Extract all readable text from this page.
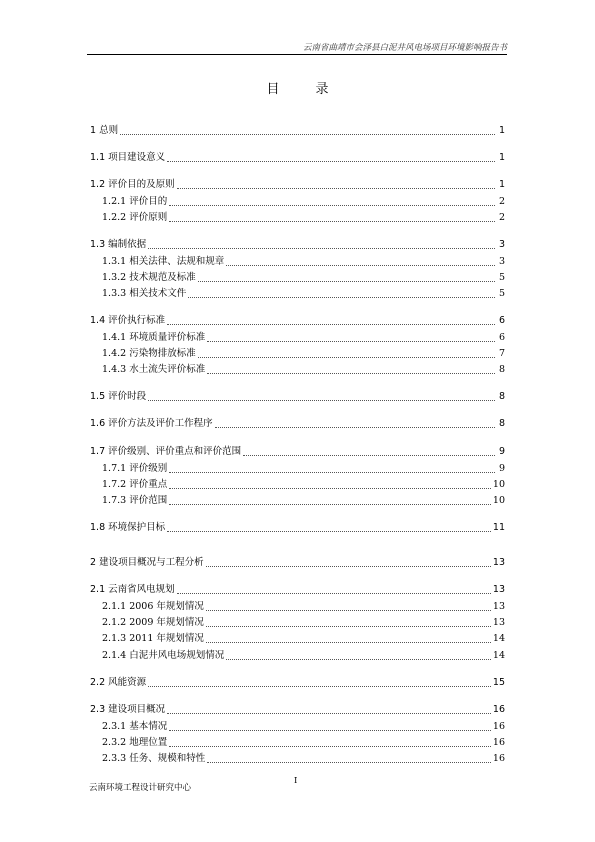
云南省曲靖市会泽县白泥井风电场项目环境影响报告书
目录
1 总则	1
1.1 项目建设意义	1
1.2 评价目的及原则	1
1.2.1 评价目的	2
1.2.2 评价原则	2
1.3 编制依据	3
1.3.1 相关法律、法规和规章	3
1.3.2 技术规范及标准	5
1.3.3 相关技术文件	5
1.4 评价执行标准	6
1.4.1 环境质量评价标准	6
1.4.2 污染物排放标准	7
1.4.3 水土流失评价标准	8
1.5 评价时段	8
1.6 评价方法及评价工作程序	8
1.7 评价级别、评价重点和评价范围	9
1.7.1 评价级别	9
1.7.2 评价重点	10
1.7.3 评价范围	10
1.8 环境保护目标	11
2 建设项目概况与工程分析	13
2.1 云南省风电规划	13
2.1.1 2006 年规划情况	13
2.1.2 2009 年规划情况	13
2.1.3 2011 年规划情况	14
2.1.4 白泥井风电场规划情况	14
2.2 风能资源	15
2.3 建设项目概况	16
2.3.1 基本情况	16
2.3.2 地理位置	16
2.3.3 任务、规模和特性	16
云南环境工程设计研究中心
I
